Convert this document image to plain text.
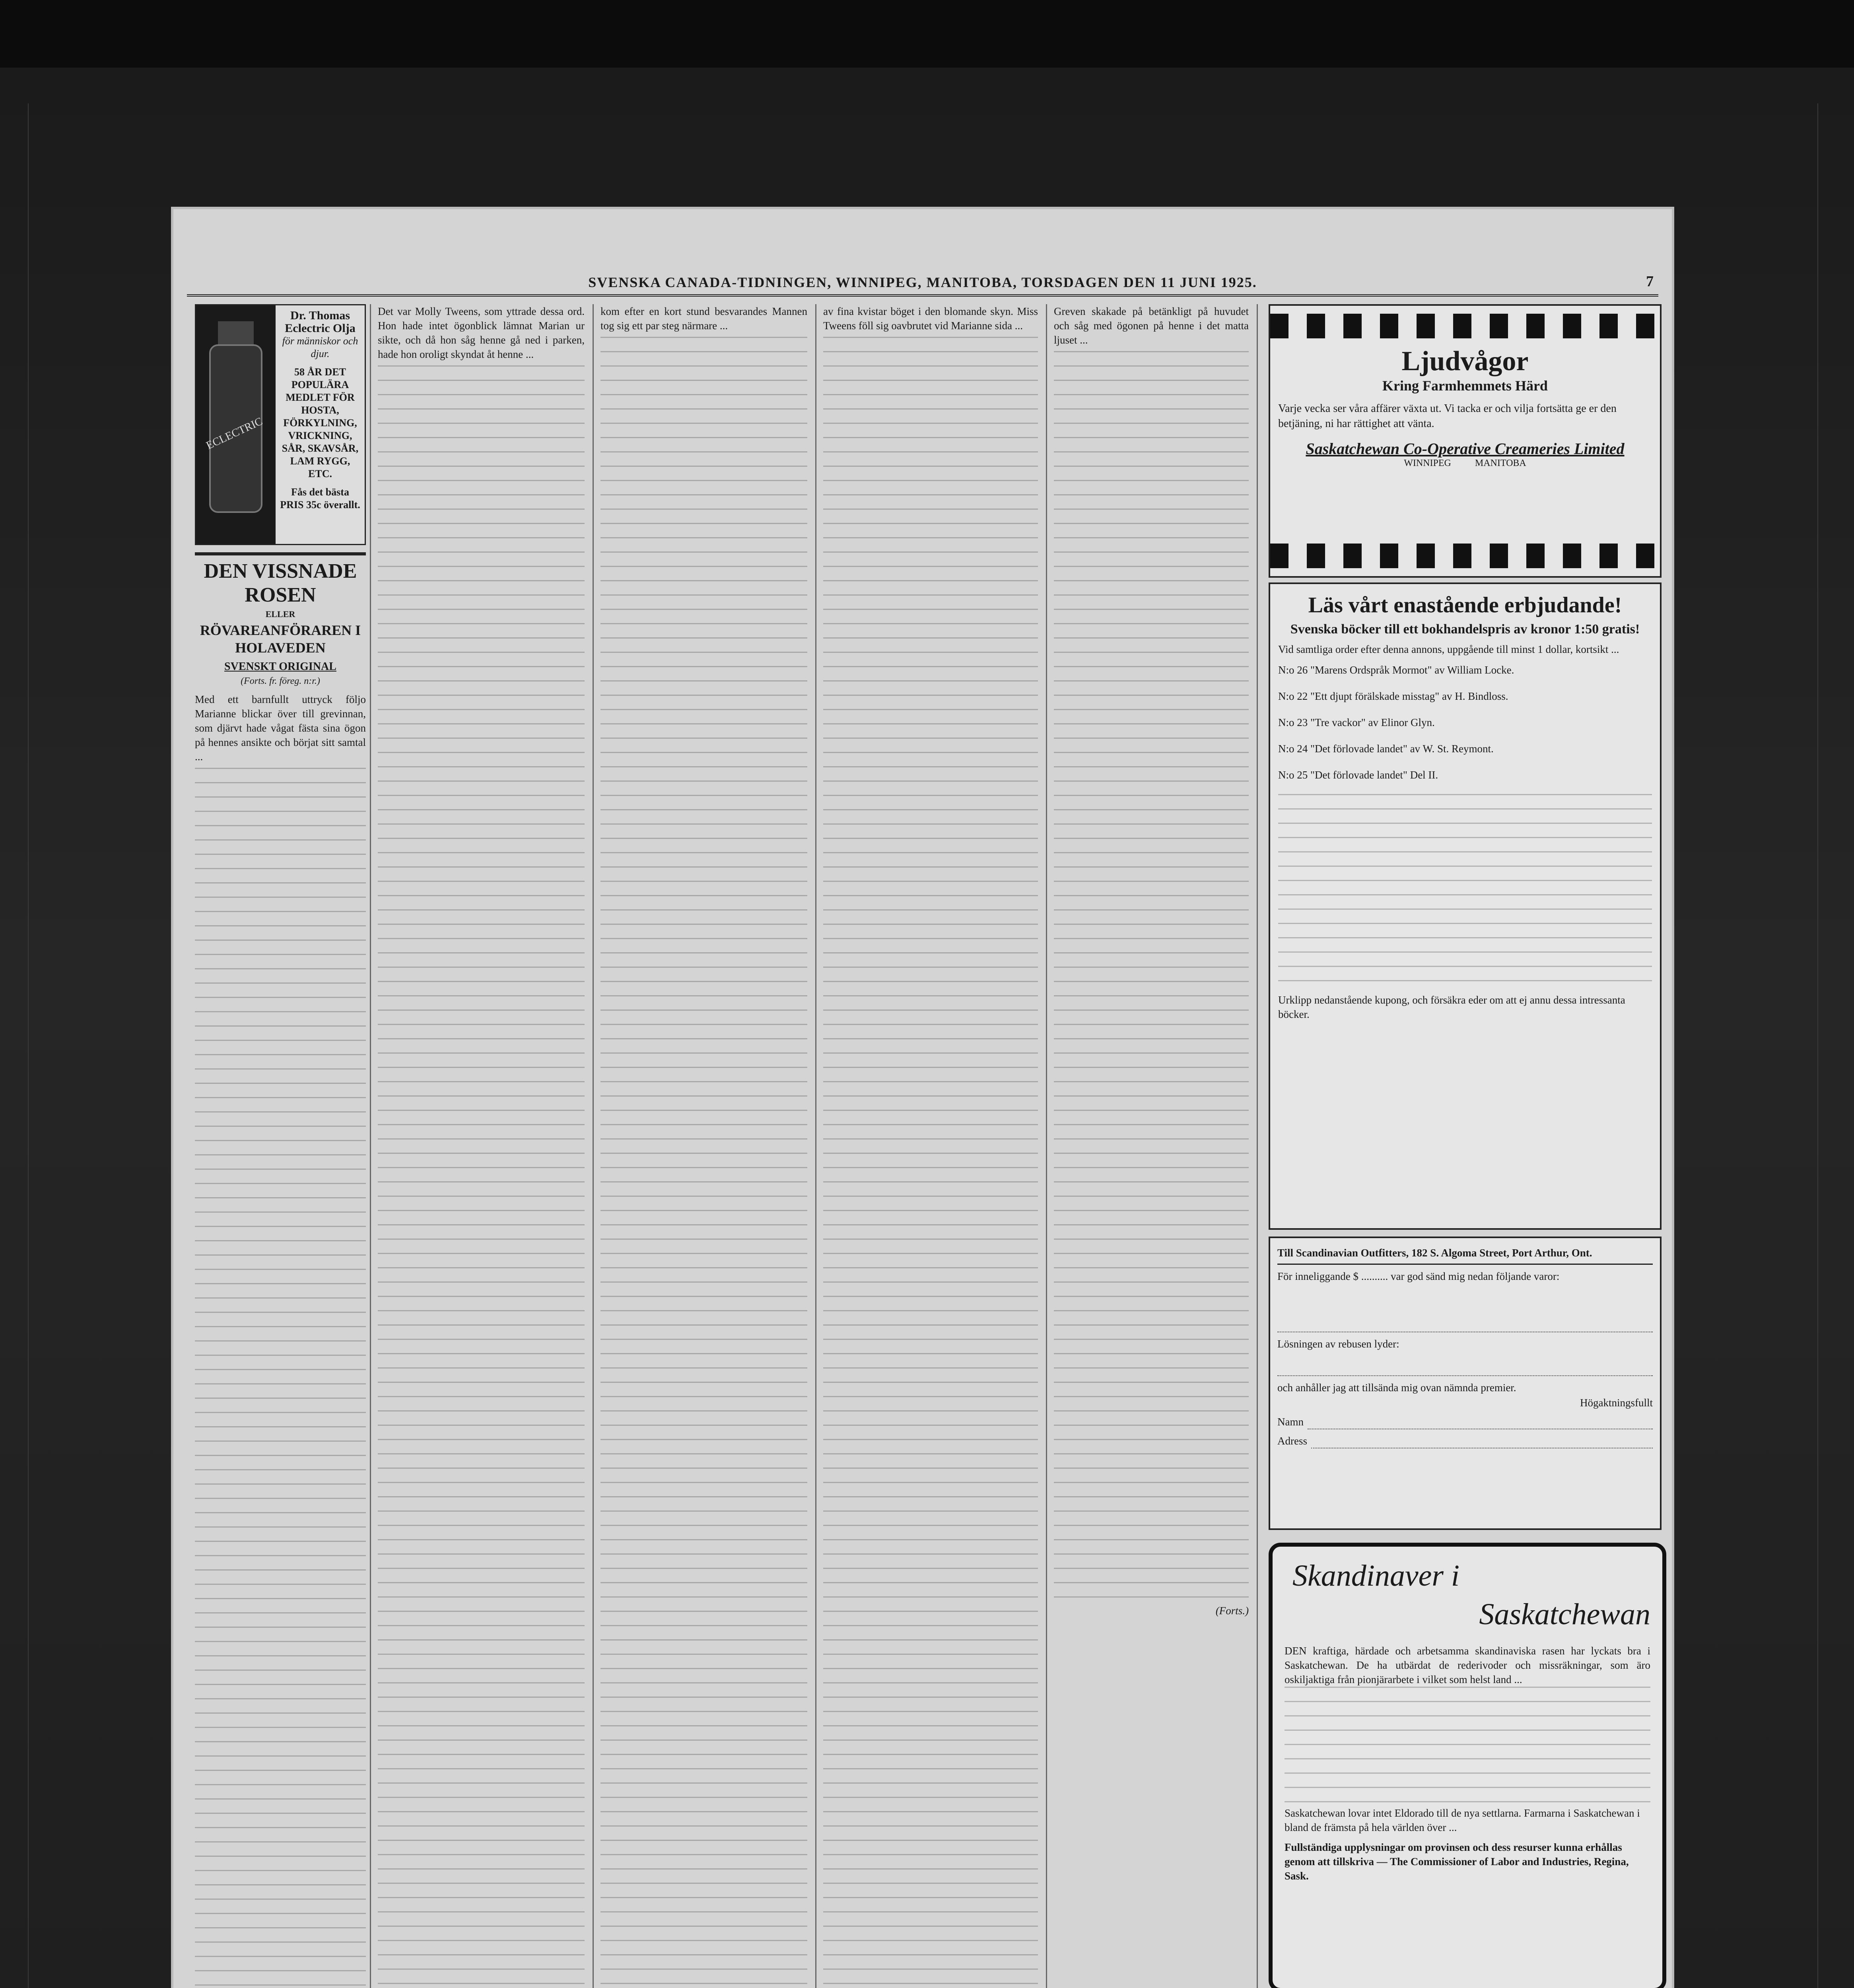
SVENSKA CANADA-TIDNINGEN, WINNIPEG, MANITOBA, TORSDAGEN DEN 11 JUNI 1925.	7
ECLECTRIC
Dr. Thomas Eclectric Olja
för människor och djur.
58 ÅR DET POPULÄRA MEDLET FÖR HOSTA, FÖRKYLNING, VRICKNING, SÅR, SKAVSÅR, LAM RYGG, ETC.
Fås det bästa PRIS 35c överallt.
DEN VISSNADE ROSEN
ELLER
RÖVAREANFÖRAREN I HOLAVEDEN
SVENSKT ORIGINAL
(Forts. fr. föreg. n:r.)
Med ett barnfullt uttryck följo Marianne blickar över till grevinnan, som djärvt hade vågat fästa sina ögon på hennes ansikte och börjat sitt samtal ...
Det var Molly Tweens, som yttrade dessa ord. Hon hade intet ögonblick lämnat Marian ur sikte, och då hon såg henne gå ned i parken, hade hon oroligt skyndat åt henne ...
kom efter en kort stund besvarandes Mannen tog sig ett par steg närmare ...
av fina kvistar böget i den blomande skyn. Miss Tweens föll sig oavbrutet vid Marianne sida ...
Greven skakade på betänkligt på huvudet och såg med ögonen på henne i det matta ljuset ...
(Forts.)
Ljudvågor
Kring Farmhemmets Härd
Varje vecka ser våra affärer växta ut. Vi tacka er och vilja fortsätta ge er den betjäning, ni har rättighet att vänta.
Saskatchewan Co-Operative Creameries Limited
WINNIPEG          MANITOBA
Läs vårt enastående erbjudande!
Svenska böcker till ett bokhandelspris av kronor 1:50 gratis!
Vid samtliga order efter denna annons, uppgående till minst 1 dollar, kortsikt ...
N:o 26 "Marens Ordspråk Mormot" av William Locke.
N:o 22 "Ett djupt förälskade misstag" av H. Bindloss.
N:o 23 "Tre vackor" av Elinor Glyn.
N:o 24 "Det förlovade landet" av W. St. Reymont.
N:o 25 "Det förlovade landet" Del II.
Urklipp nedanstående kupong, och försäkra eder om att ej annu dessa intressanta böcker.
Till Scandinavian Outfitters, 182 S. Algoma Street, Port Arthur, Ont.
För inneliggande $ .......... var god sänd mig nedan följande varor:
Lösningen av rebusen lyder:
och anhåller jag att tillsända mig ovan nämnda premier.
Högaktningsfullt
Namn
Adress
Skandinaver i
Saskatchewan
DEN kraftiga, härdade och arbetsamma skandinaviska rasen har lyckats bra i Saskatchewan. De ha utbärdat de rederivoder och missräkningar, som äro oskiljaktiga från pionjärarbete i vilket som helst land ...
Saskatchewan lovar intet Eldorado till de nya settlarna. Farmarna i Saskatchewan i bland de främsta på hela världen över ...
Fullständiga upplysningar om provinsen och dess resurser kunna erhållas genom att tillskriva — The Commissioner of Labor and Industries, Regina, Sask.
